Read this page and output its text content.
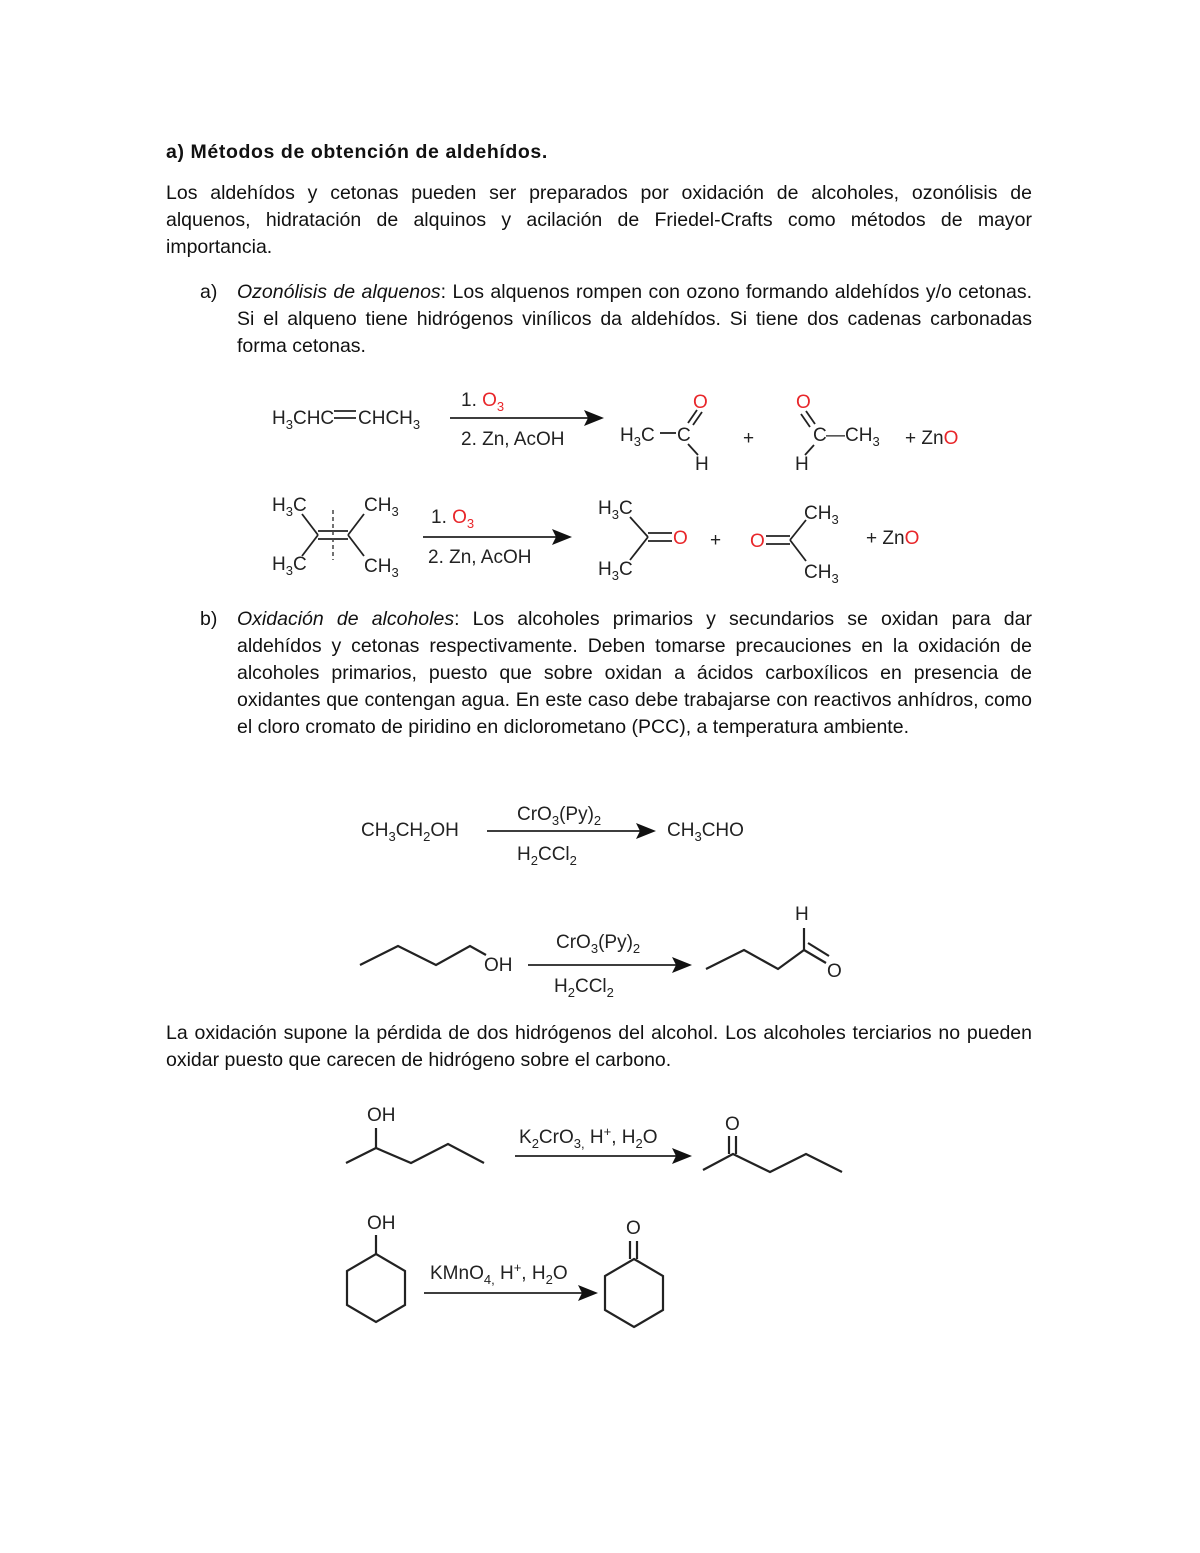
a) Métodos de obtención de aldehídos.

Los aldehídos y cetonas pueden ser preparados por oxidación de alcoholes, ozonólisis de alquenos, hidratación de alquinos y acilación de Friedel-Crafts como métodos de mayor importancia.

a) Ozonólisis de alquenos: Los alquenos rompen con ozono formando aldehídos y/o cetonas. Si el alqueno tiene hidrógenos vinílicos da aldehídos. Si tiene dos cadenas carbonadas forma cetonas.

b) Oxidación de alcoholes: Los alcoholes primarios y secundarios se oxidan para dar aldehídos y cetonas respectivamente. Deben tomarse precauciones en la oxidación de alcoholes primarios, puesto que sobre oxidan a ácidos carboxílicos en presencia de oxidantes que contengan agua. En este caso debe trabajarse con reactivos anhídros, como el cloro cromato de piridino en diclorometano (PCC), a temperatura ambiente.

La oxidación supone la pérdida de dos hidrógenos del alcohol. Los alcoholes terciarios no pueden oxidar puesto que carecen de hidrógeno sobre el carbono.

$H_3CHC$ $CHCH_3$
1. $O_3$
2. Zn, AcOH	$H_3C$ C
O
H
+
O
C $—CH_3$
H
+ ZnO
$H_3C$
$H_3C$
$CH_3$
$CH_3$
1. $O_3$
2. Zn, AcOH
$H_3C$
$H_3C$
O + O
$CH_3$
$CH_3$
+ ZnO
$CH_3CH_2OH$
$CrO_3(Py)_2$
$H_2CCl_2$
$CH_3CHO$
OH
$CrO_3(Py)_2$
$H_2CCl_2$
H
O
OH
$K_2CrO_{3,}$ H+, $H_2O$
O
OH
KMnO$_{4,}$ H+, $H_2O$
O
